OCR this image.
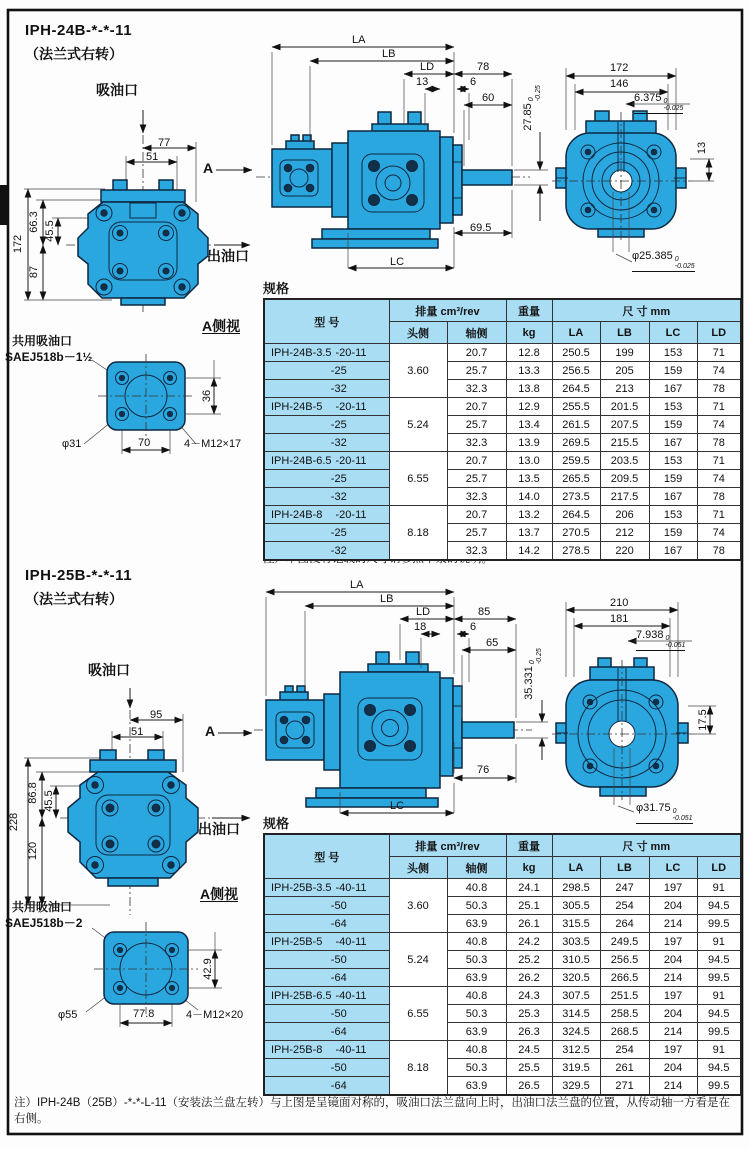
IPH-24B-*-*-11
（法兰式右转）
吸油口
77
51
A
出油口
172
66.3 45.5
87
A侧视
共用吸油口
SAEJ518b－1½
φ31	70	4－M12×17
36
LA
LB
LD	78
13	6
60
27.85
0 -0.25
69.5
LC
172
146
6.375 0
-0.025
13
φ25.385 0
-0.025
规格
型 号	排量 cm³/rev		重量	尺 寸 mm			
	头侧	轴侧	kg	LA	LB	LC	LD

IPH-24B-3.5 -20-11	3.60	20.7	12.8	250.5	199	153	71
-25		25.7	13.3	256.5	205	159	74
-32		32.3	13.8	264.5	213	167	78

IPH-24B-5 -20-11	5.24	20.7	12.9	255.5	201.5	153	71
-25		25.7	13.4	261.5	207.5	159	74
-32		32.3	13.9	269.5	215.5	167	78

IPH-24B-6.5 -20-11	6.55	20.7	13.0	259.5	203.5	153	71
-25		25.7	13.5	265.5	209.5	159	74
-32		32.3	14.0	273.5	217.5	167	78

IPH-24B-8 -20-11	8.18	20.7	13.2	264.5	206	153	71
-25		25.7	13.7	270.5	212	159	74
-32		32.3	14.2	278.5	220	167	78
IPH-25B-*-*-11
（法兰式右转）
吸油口
95
51	A
出油口
228
86.8 45.5
120
A侧视
共用吸油口
SAEJ518b－2
φ55	77.8	4－M12×20
42.9
LA
LB
LD	85
18	6
65
35.331
0 -0.25
76
LC
210
181
7.938 0
-0.051
17.5
φ31.75 0
-0.051
规格
型 号	排量 cm³/rev		重量	尺 寸 mm			
	头侧	轴侧	kg	LA	LB	LC	LD

IPH-25B-3.5 -40-11	3.60	40.8	24.1	298.5	247	197	91
-50		50.3	25.1	305.5	254	204	94.5
-64		63.9	26.1	315.5	264	214	99.5

IPH-25B-5 -40-11	5.24	40.8	24.2	303.5	249.5	197	91
-50		50.3	25.2	310.5	256.5	204	94.5
-64		63.9	26.2	320.5	266.5	214	99.5

IPH-25B-6.5 -40-11	6.55	40.8	24.3	307.5	251.5	197	91
-50		50.3	25.3	314.5	258.5	204	94.5
-64		63.9	26.3	324.5	268.5	214	99.5

IPH-25B-8 -40-11	8.18	40.8	24.5	312.5	254	197	91
-50		50.3	25.5	319.5	261	204	94.5
-64		63.9	26.5	329.5	271	214	99.5
注）IPH-24B（25B）-*-*-L-11（安装法兰盘左转）与上图是呈镜面对称的，吸油口法兰盘向上时，出油口法兰盘的位置，从传动轴一方看是在右侧。
